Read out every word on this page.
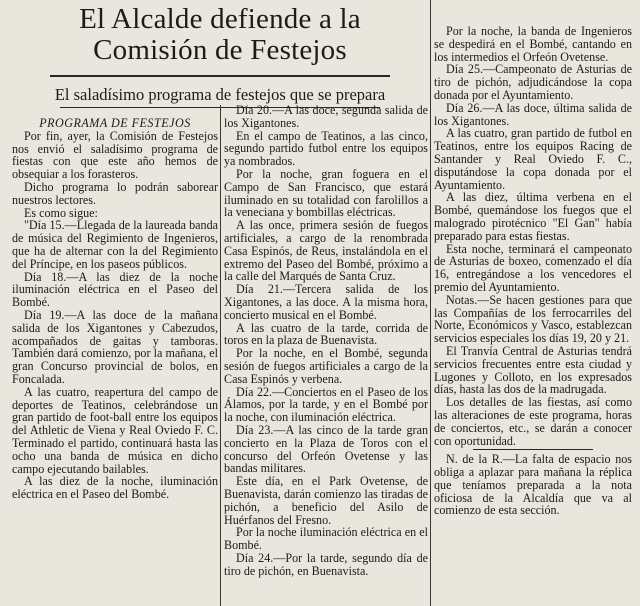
El Alcalde defiende a la
Comisión de Festejos
El saladísimo programa de festejos que se prepara

PROGRAMA DE FESTEJOS

Por fin, ayer, la Comisión de Festejos nos envió el saladísimo programa de fiestas con que este año hemos de obsequiar a los forasteros.

Dicho programa lo podrán saborear nuestros lectores.

Es como sigue:

"Día 15.—Llegada de la laureada banda de música del Regimiento de Ingenieros, que ha de alternar con la del Regimiento del Príncipe, en los paseos públicos.

Día 18.—A las diez de la noche iluminación eléctrica en el Paseo del Bombé.

Día 19.—A las doce de la mañana salida de los Xigantones y Cabezudos, acompañados de gaitas y tamboras. También dará comienzo, por la mañana, el gran Concurso provincial de bolos, en Foncalada.

A las cuatro, reapertura del campo de deportes de Teatinos, celebrándose un gran partido de foot-ball entre los equipos del Athletic de Viena y Real Oviedo F. C. Terminado el partido, continuará hasta las ocho una banda de música en dicho campo ejecutando bailables.

A las diez de la noche, iluminación eléctrica en el Paseo del Bombé.

Día 20.—A las doce, segunda salida de los Xigantones.

En el campo de Teatinos, a las cinco, segundo partido futbol entre los equipos ya nombrados.

Por la noche, gran foguera en el Campo de San Francisco, que estará iluminado en su totalidad con farolillos a la veneciana y bombillas eléctricas.

A las once, primera sesión de fuegos artificiales, a cargo de la renombrada Casa Espinós, de Reus, instalándola en el extremo del Paseo del Bombé, próximo a la calle del Marqués de Santa Cruz.

Día 21.—Tercera salida de los Xigantones, a las doce. A la misma hora, concierto musical en el Bombé.

A las cuatro de la tarde, corrida de toros en la plaza de Buenavista.

Por la noche, en el Bombé, segunda sesión de fuegos artificiales a cargo de la Casa Espinós y verbena.

Día 22.—Conciertos en el Paseo de los Álamos, por la tarde, y en el Bombé por la noche, con iluminación eléctrica.

Día 23.—A las cinco de la tarde gran concierto en la Plaza de Toros con el concurso del Orfeón Ovetense y las bandas militares.

Este día, en el Park Ovetense, de Buenavista, darán comienzo las tiradas de pichón, a beneficio del Asilo de Huérfanos del Fresno.

Por la noche iluminación eléctrica en el Bombé.

Día 24.—Por la tarde, segundo día de tiro de pichón, en Buenavista.

Por la noche, la banda de Ingenieros se despedirá en el Bombé, cantando en los intermedios el Orfeón Ovetense.

Día 25.—Campeonato de Asturias de tiro de pichón, adjudicándose la copa donada por el Ayuntamiento.

Día 26.—A las doce, última salida de los Xigantones.

A las cuatro, gran partido de futbol en Teatinos, entre los equipos Racing de Santander y Real Oviedo F. C., disputándose la copa donada por el Ayuntamiento.

A las diez, última verbena en el Bombé, quemándose los fuegos que el malogrado pirotécnico "El Gan" había preparado para estas fiestas.

Esta noche, terminará el campeonato de Asturias de boxeo, comenzado el día 16, entregándose a los vencedores el premio del Ayuntamiento.

Notas.—Se hacen gestiones para que las Compañías de los ferrocarriles del Norte, Económicos y Vasco, establezcan servicios especiales los días 19, 20 y 21.

El Tranvía Central de Asturias tendrá servicios frecuentes entre esta ciudad y Lugones y Colloto, en los expresados días, hasta las dos de la madrugada.

Los detalles de las fiestas, así como las alteraciones de este programa, horas de conciertos, etc., se darán a conocer con oportunidad.

N. de la R.—La falta de espacio nos obliga a aplazar para mañana la réplica que teníamos preparada a la nota oficiosa de la Alcaldía que va al comienzo de esta sección.
